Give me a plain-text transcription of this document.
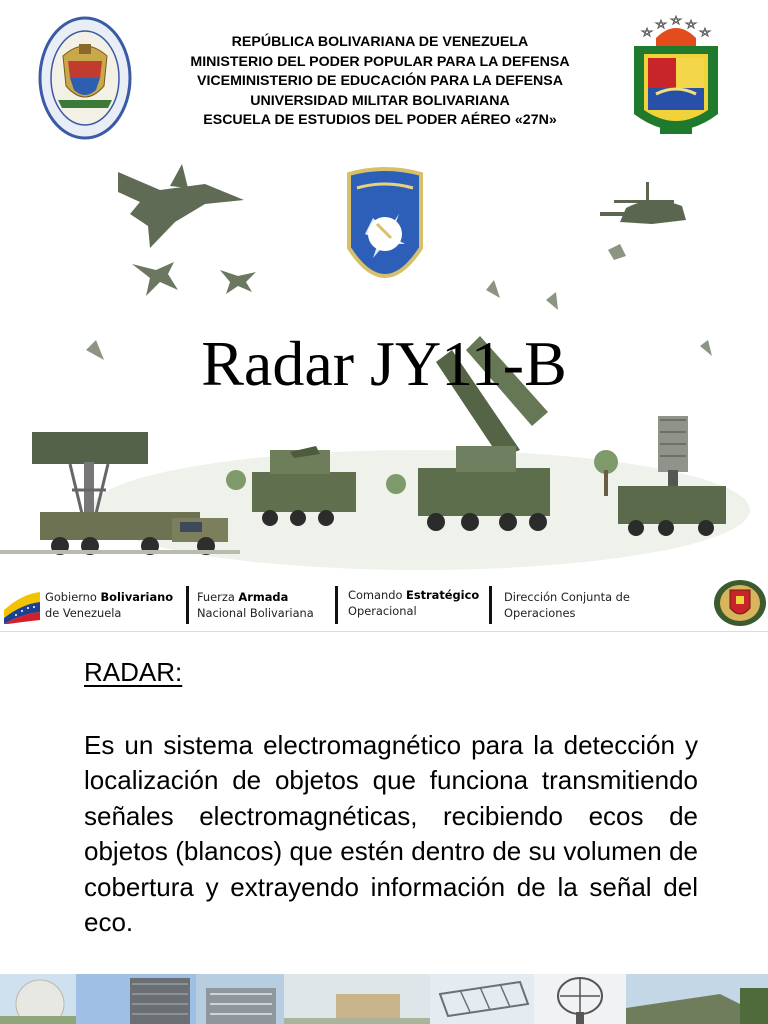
REPÚBLICA BOLIVARIANA DE VENEZUELA
MINISTERIO DEL PODER POPULAR PARA LA DEFENSA
VICEMINISTERIO DE EDUCACIÓN PARA LA DEFENSA
UNIVERSIDAD MILITAR BOLIVARIANA
ESCUELA DE ESTUDIOS DEL PODER AÉREO «27N»
Radar JY11-B
Gobierno Bolivariano
de Venezuela
Fuerza Armada
Nacional Bolivariana
Comando Estratégico
Operacional
Dirección Conjunta de
Operaciones
RADAR:

Es un sistema electromagnético para la detección y localización de objetos que funciona transmitiendo señales electromagnéticas, recibiendo ecos de objetos (blancos) que estén dentro de su volumen de cobertura y extrayendo información de la señal del eco.
